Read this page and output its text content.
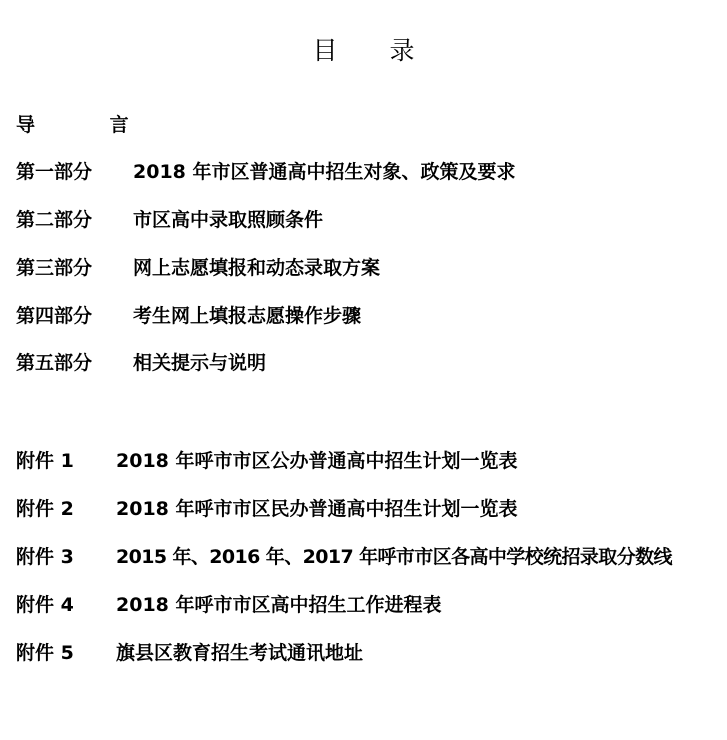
目 录
导 言
第一部分 2018 年市区普通高中招生对象、政策及要求
第二部分 市区高中录取照顾条件
第三部分 网上志愿填报和动态录取方案
第四部分 考生网上填报志愿操作步骤
第五部分 相关提示与说明
附件 1 2018 年呼市市区公办普通高中招生计划一览表
附件 2 2018 年呼市市区民办普通高中招生计划一览表
附件 3 2015 年、2016 年、2017 年呼市市区各高中学校统招录取分数线
附件 4 2018 年呼市市区高中招生工作进程表
附件 5 旗县区教育招生考试通讯地址
